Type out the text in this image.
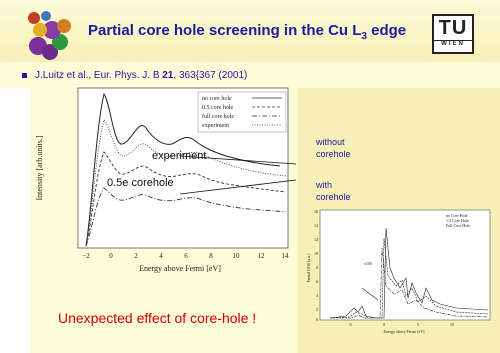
Partial core hole screening in the Cu $L_3$ edge TU
WIEN
J.Luitz et al., Eur. Phys. J. B 21, 363{367 (2001)
no core hole
0.5 core hole
full core hole
experiment
−2	0	2	4	6	8	10	12 14
Energy above Fermi [eV]
Intensity [arb.units.]	experiment
0.5e corehole
without
corehole
with
corehole
16
14
12
10
8
6
4
2
0
no Core Hole
1/2 Core Hole
Full Core Hole
x100
-5	0	5	10
Energy above Fermi [eV]
Partial DOS [a.u.]
Unexpected effect of core-hole !
